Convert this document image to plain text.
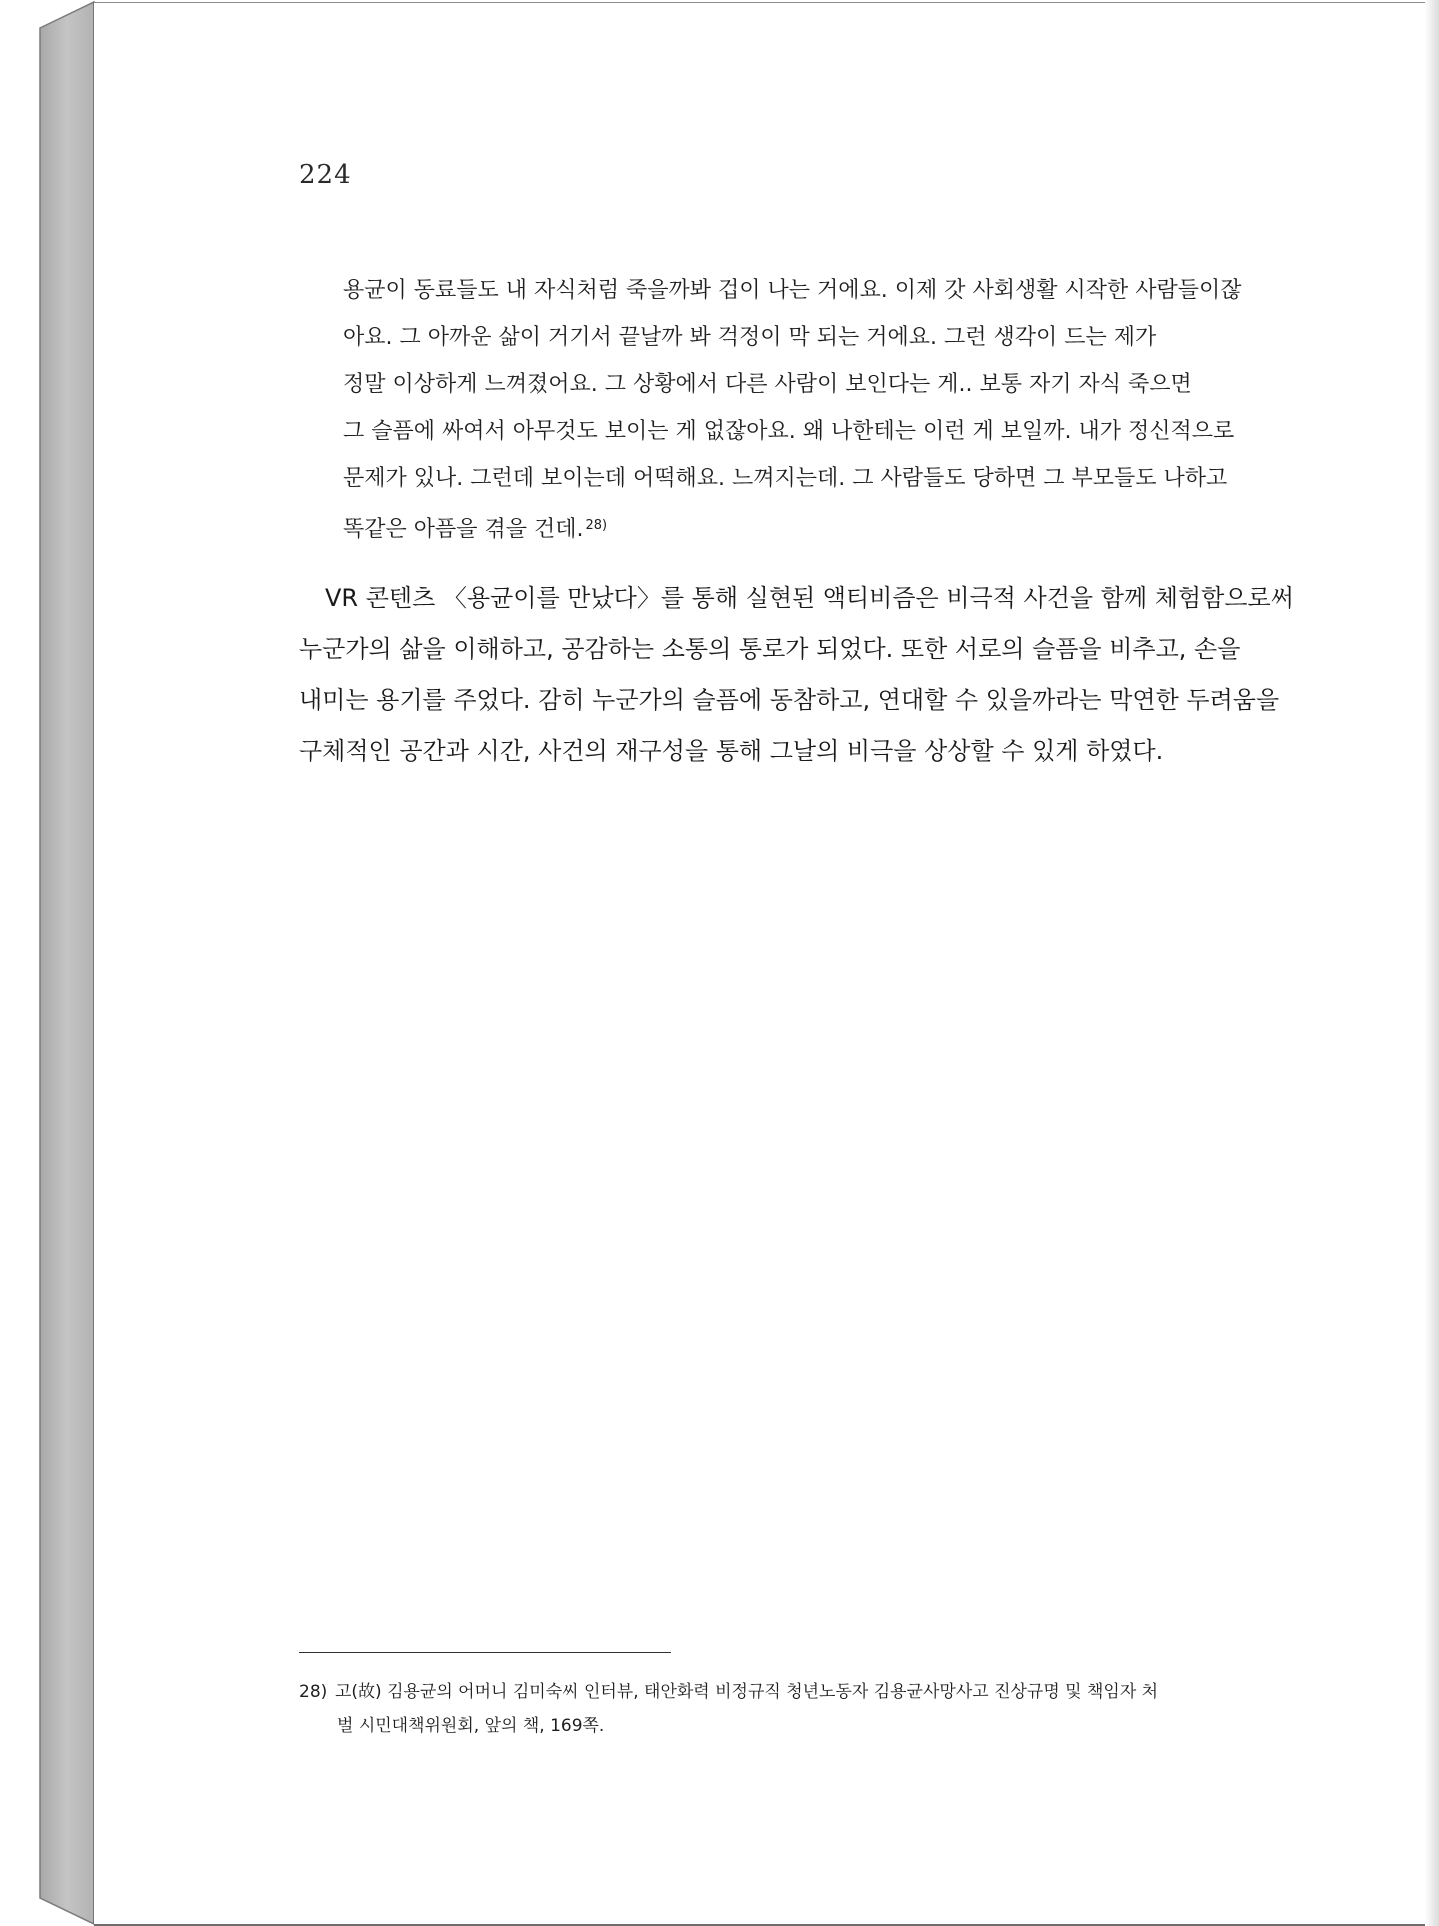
224
용균이 동료들도 내 자식처럼 죽을까봐 겁이 나는 거에요. 이제 갓 사회생활 시작한 사람들이잖
아요. 그 아까운 삶이 거기서 끝날까 봐 걱정이 막 되는 거에요. 그런 생각이 드는 제가
정말 이상하게 느껴졌어요. 그 상황에서 다른 사람이 보인다는 게.. 보통 자기 자식 죽으면
그 슬픔에 싸여서 아무것도 보이는 게 없잖아요. 왜 나한테는 이런 게 보일까. 내가 정신적으로
문제가 있나. 그런데 보이는데 어떡해요. 느껴지는데. 그 사람들도 당하면 그 부모들도 나하고
똑같은 아픔을 겪을 건데. $^{28)}$
VR 콘텐츠 〈용균이를 만났다〉를 통해 실현된 액티비즘은 비극적 사건을 함께 체험함으로써
누군가의 삶을 이해하고, 공감하는 소통의 통로가 되었다. 또한 서로의 슬픔을 비추고, 손을
내미는 용기를 주었다. 감히 누군가의 슬픔에 동참하고, 연대할 수 있을까라는 막연한 두려움을
구체적인 공간과 시간, 사건의 재구성을 통해 그날의 비극을 상상할 수 있게 하였다.
28) 고(故) 김용균의 어머니 김미숙씨 인터뷰, 태안화력 비정규직 청년노동자 김용균사망사고 진상규명 및 책임자 처
벌 시민대책위원회, 앞의 책, 169쪽.
